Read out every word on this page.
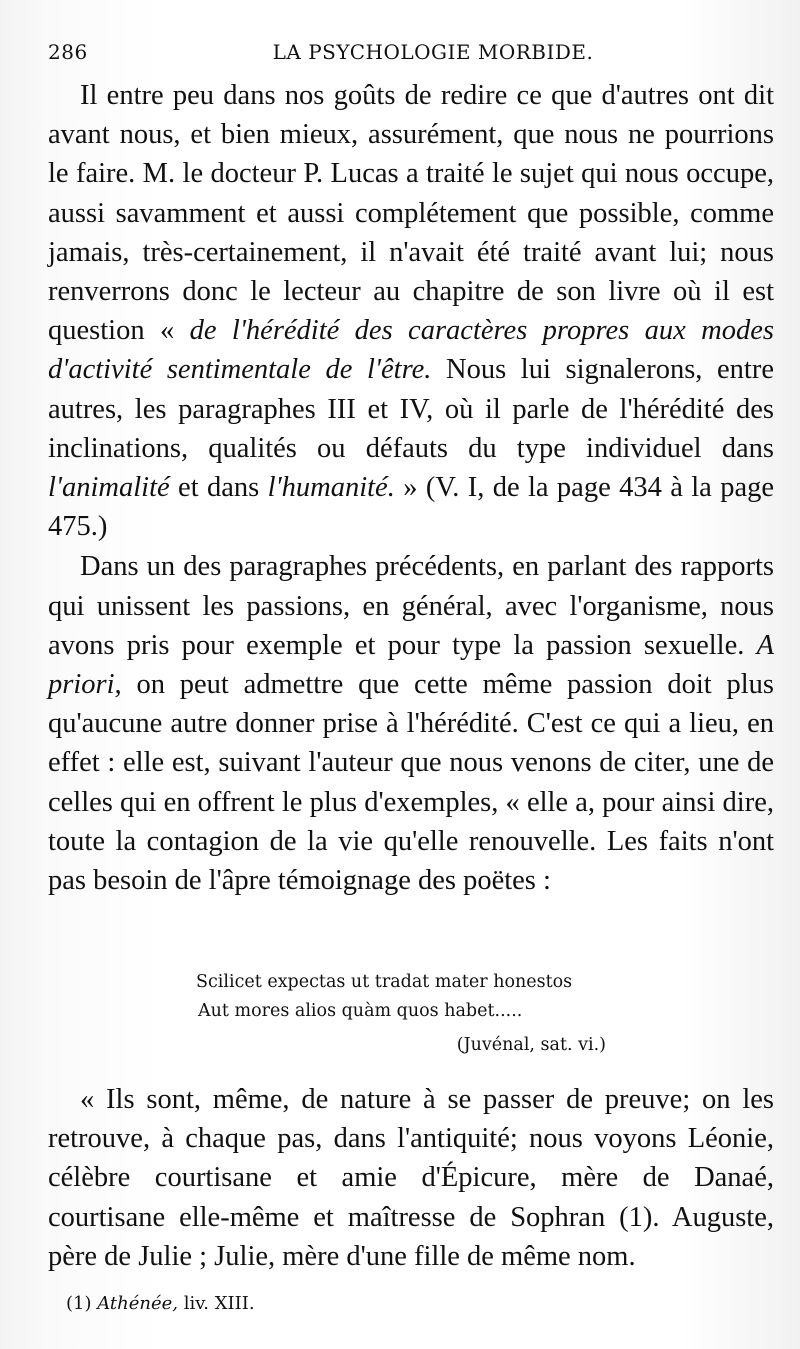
286	LA PSYCHOLOGIE MORBIDE.

Il entre peu dans nos goûts de redire ce que d'autres ont dit avant nous, et bien mieux, assurément, que nous ne pourrions le faire. M. le docteur P. Lucas a traité le sujet qui nous occupe, aussi savamment et aussi complétement que possible, comme jamais, très-certainement, il n'avait été traité avant lui; nous renverrons donc le lecteur au chapitre de son livre où il est question « de l'hérédité des caractères propres aux modes d'activité sentimentale de l'être. Nous lui signalerons, entre autres, les paragraphes III et IV, où il parle de l'hérédité des inclinations, qualités ou défauts du type individuel dans l'animalité et dans l'humanité. » (V. I, de la page 434 à la page 475.)

Dans un des paragraphes précédents, en parlant des rapports qui unissent les passions, en général, avec l'organisme, nous avons pris pour exemple et pour type la passion sexuelle. A priori, on peut admettre que cette même passion doit plus qu'aucune autre donner prise à l'hérédité. C'est ce qui a lieu, en effet : elle est, suivant l'auteur que nous venons de citer, une de celles qui en offrent le plus d'exemples, « elle a, pour ainsi dire, toute la contagion de la vie qu'elle renouvelle. Les faits n'ont pas besoin de l'âpre témoignage des poëtes :

Scilicet expectas ut tradat mater honestos
Aut mores alios quàm quos habet.....
(Juvénal, sat. vi.)

« Ils sont, même, de nature à se passer de preuve; on les retrouve, à chaque pas, dans l'antiquité; nous voyons Léonie, célèbre courtisane et amie d'Épicure, mère de Danaé, courtisane elle-même et maîtresse de Sophran (1). Auguste, père de Julie ; Julie, mère d'une fille de même nom.

(1) Athénée, liv. XIII.
